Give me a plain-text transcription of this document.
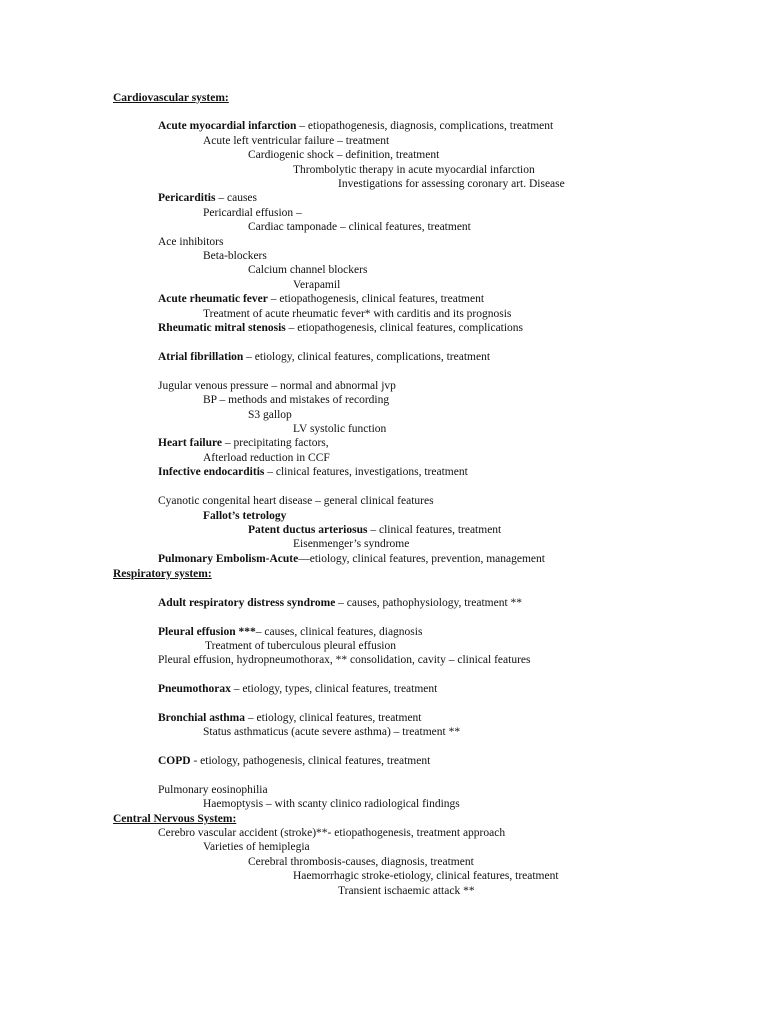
Cardiovascular system:
Acute myocardial infarction – etiopathogenesis, diagnosis, complications, treatment
Acute left ventricular failure – treatment
Cardiogenic shock – definition, treatment
Thrombolytic therapy in acute myocardial infarction
Investigations for assessing coronary art. Disease
Pericarditis – causes
Pericardial effusion –
Cardiac tamponade – clinical features, treatment
Ace inhibitors
Beta-blockers
Calcium channel blockers
Verapamil
Acute rheumatic fever – etiopathogenesis, clinical features, treatment
Treatment of acute rheumatic fever* with carditis and its prognosis
Rheumatic mitral stenosis – etiopathogenesis, clinical features, complications
Atrial fibrillation – etiology, clinical features, complications, treatment
Jugular venous pressure – normal and abnormal jvp
BP – methods and mistakes of recording
S3 gallop
LV systolic function
Heart failure – precipitating factors,
Afterload reduction in CCF
Infective endocarditis – clinical features, investigations, treatment
Cyanotic congenital heart disease – general clinical features
Fallot’s tetrology
Patent ductus arteriosus – clinical features, treatment
Eisenmenger’s syndrome
Pulmonary Embolism-Acute—etiology, clinical features, prevention, management
Respiratory system:
Adult respiratory distress syndrome – causes, pathophysiology, treatment **
Pleural effusion ***– causes, clinical features, diagnosis
Treatment of tuberculous pleural effusion
Pleural effusion, hydropneumothorax, ** consolidation, cavity – clinical features
Pneumothorax – etiology, types, clinical features, treatment
Bronchial asthma – etiology, clinical features, treatment
Status asthmaticus (acute severe asthma) – treatment **
COPD - etiology, pathogenesis, clinical features, treatment
Pulmonary eosinophilia
Haemoptysis – with scanty clinico radiological findings
Central Nervous System:
Cerebro vascular accident (stroke)**- etiopathogenesis, treatment approach
Varieties of hemiplegia
Cerebral thrombosis-causes, diagnosis, treatment
Haemorrhagic stroke-etiology, clinical features, treatment
Transient ischaemic attack **
